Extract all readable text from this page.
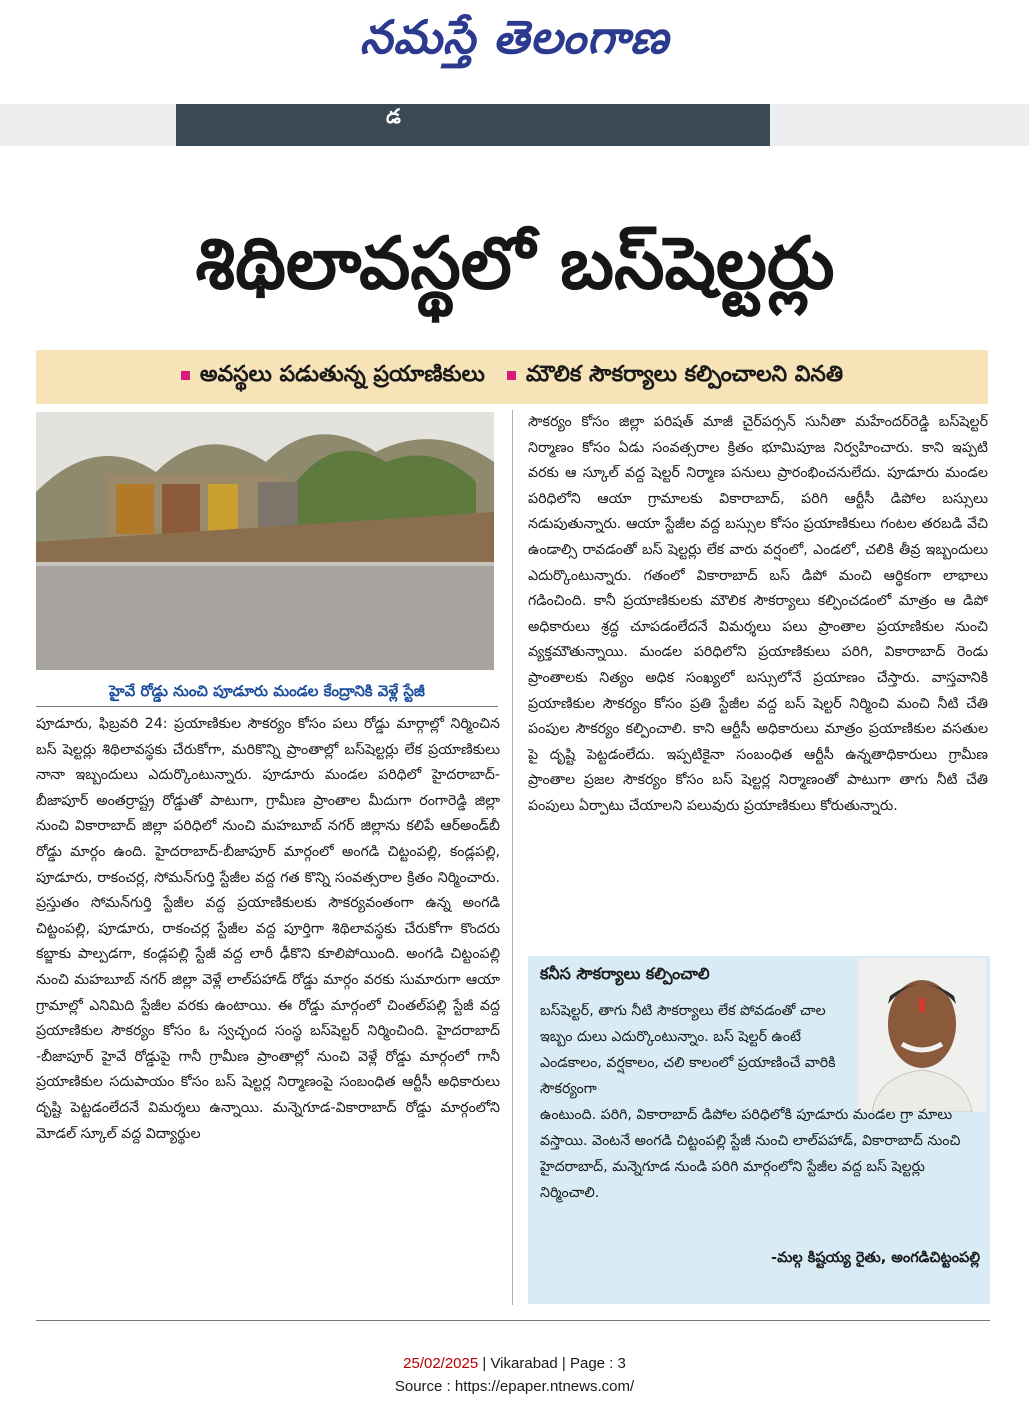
నమస్తే తెలంగాణ
డ
శిథిలావస్థలో బస్‌షెల్టర్లు
అవస్థలు పడుతున్న ప్రయాణికులు	మౌలిక సౌకర్యాలు కల్పించాలని వినతి
హైవే రోడ్డు నుంచి పూడూరు మండల కేంద్రానికి వెళ్లే స్టేజీ
పూడూరు, ఫిబ్రవరి 24: ప్రయాణికుల సౌకర్యం కోసం పలు రోడ్డు మార్గాల్లో నిర్మించిన బస్ షెల్టర్లు శిథిలావస్థకు చేరుకోగా, మరికొన్ని ప్రాంతాల్లో బస్‌షెల్టర్లు లేక ప్రయాణికులు నానా ఇబ్బందులు ఎదుర్కొంటున్నారు. పూడూరు మండల పరిధిలో హైదరాబాద్-బీజాపూర్ అంతర్రాష్ట్ర రోడ్డుతో పాటుగా, గ్రామీణ ప్రాంతాల మీదుగా రంగారెడ్డి జిల్లా నుంచి వికారాబాద్ జిల్లా పరిధిలో నుంచి మహబూబ్ నగర్ జిల్లాను కలిపే ఆర్అండ్‌బీ రోడ్డు మార్గం ఉంది. హైదరాబాద్-బీజాపూర్ మార్గంలో అంగడి చిట్టంపల్లి, కండ్లపల్లి, పూడూరు, రాకంచర్ల, సోమన్‌గుర్తి స్టేజీల వద్ద గత కొన్ని సంవత్సరాల క్రితం నిర్మించారు. ప్రస్తుతం సోమన్‌గుర్తి స్టేజీల వద్ద ప్రయాణికులకు సౌకర్యవంతంగా ఉన్న అంగడి చిట్టంపల్లి, పూడూరు, రాకంచర్ల స్టేజీల వద్ద పూర్తిగా శిథిలావస్థకు చేరుకోగా కొందరు కబ్జాకు పాల్పడగా, కండ్లపల్లి స్టేజీ వద్ద లారీ ఢీకొని కూలిపోయింది. అంగడి చిట్టంపల్లి నుంచి మహబూబ్ నగర్ జిల్లా వెళ్లే లాల్‌పహాడ్ రోడ్డు మార్గం వరకు సుమారుగా ఆయా గ్రామాల్లో ఎనిమిది స్టేజీల వరకు ఉంటాయి. ఈ రోడ్డు మార్గంలో చింతల్‌పల్లి స్టేజీ వద్ద ప్రయాణికుల సౌకర్యం కోసం ఓ స్వచ్ఛంద సంస్థ బస్‌షెల్టర్ నిర్మించింది. హైదరాబాద్ -బీజాపూర్ హైవే రోడ్డుపై గానీ గ్రామీణ ప్రాంతాల్లో నుంచి వెళ్లే రోడ్డు మార్గంలో గానీ ప్రయాణికుల సదుపాయం కోసం బస్ షెల్టర్ల నిర్మాణంపై సంబంధిత ఆర్టీసీ అధికారులు దృష్టి పెట్టడంలేదనే విమర్శలు ఉన్నాయి. మన్నెగూడ-వికారాబాద్ రోడ్డు మార్గంలోని మోడల్ స్కూల్ వద్ద విద్యార్థుల
సౌకర్యం కోసం జిల్లా పరిషత్ మాజీ చైర్‌పర్సన్ సునీతా మహేందర్‌రెడ్డి బస్‌షెల్టర్ నిర్మాణం కోసం ఏడు సంవత్సరాల క్రితం భూమిపూజ నిర్వహించారు. కాని ఇప్పటి వరకు ఆ స్కూల్ వద్ద షెల్టర్ నిర్మాణ పనులు ప్రారంభించనులేదు. పూడూరు మండల పరిధిలోని ఆయా గ్రామాలకు వికారాబాద్, పరిగి ఆర్టీసీ డిపోల బస్సులు నడుపుతున్నారు. ఆయా స్టేజీల వద్ద బస్సుల కోసం ప్రయాణికులు గంటల తరబడి వేచి ఉండాల్సి రావడంతో బస్ షెల్టర్లు లేక వారు వర్షంలో, ఎండలో, చలికి తీవ్ర ఇబ్బందులు ఎదుర్కొంటున్నారు. గతంలో వికారాబాద్ బస్ డిపో మంచి ఆర్థికంగా లాభాలు గడించింది. కానీ ప్రయాణికులకు మౌలిక సౌకర్యాలు కల్పించడంలో మాత్రం ఆ డిపో అధికారులు శ్రద్ధ చూపడంలేదనే విమర్శలు పలు ప్రాంతాల ప్రయాణికుల నుంచి వ్యక్తమౌతున్నాయి. మండల పరిధిలోని ప్రయాణికులు పరిగి, వికారాబాద్ రెండు ప్రాంతాలకు నిత్యం అధిక సంఖ్యలో బస్సులోనే ప్రయాణం చేస్తారు. వాస్తవానికి ప్రయాణికుల సౌకర్యం కోసం ప్రతి స్టేజీల వద్ద బస్ షెల్టర్ నిర్మించి మంచి నీటి చేతి పంపుల సౌకర్యం కల్పించాలి. కాని ఆర్టీసీ అధికారులు మాత్రం ప్రయాణికుల వసతుల పై దృష్టి పెట్టడంలేదు. ఇప్పటికైనా సంబంధిత ఆర్టీసీ ఉన్నతాధికారులు గ్రామీణ ప్రాంతాల ప్రజల సౌకర్యం కోసం బస్ షెల్టర్ల నిర్మాణంతో పాటుగా తాగు నీటి చేతి పంపులు ఏర్పాటు చేయాలని పలువురు ప్రయాణికులు కోరుతున్నారు.
కనీస సౌకర్యాలు కల్పించాలి
బస్‌షెల్టర్, తాగు నీటి సౌకర్యాలు లేక పోవడంతో చాల ఇబ్బం దులు ఎదుర్కొంటున్నాం. బస్ షెల్టర్ ఉంటే ఎండకాలం, వర్షకాలం, చలి కాలంలో ప్రయాణించే వారికి సౌకర్యంగా
ఉంటుంది. పరిగి, వికారాబాద్ డిపోల పరిధిలోకి పూడూరు మండల గ్రా మాలు వస్తాయి. వెంటనే అంగడి చిట్టంపల్లి స్టేజీ నుంచి లాల్‌పహాడ్, వికారాబాద్ నుంచి హైదరాబాద్, మన్నెగూడ నుండి పరిగి మార్గంలోని స్టేజీల వద్ద బస్ షెల్టర్లు నిర్మించాలి.
-మల్గ కిష్టయ్య రైతు, అంగడిచిట్టంపల్లి
25/02/2025 | Vikarabad | Page : 3
Source : https://epaper.ntnews.com/
